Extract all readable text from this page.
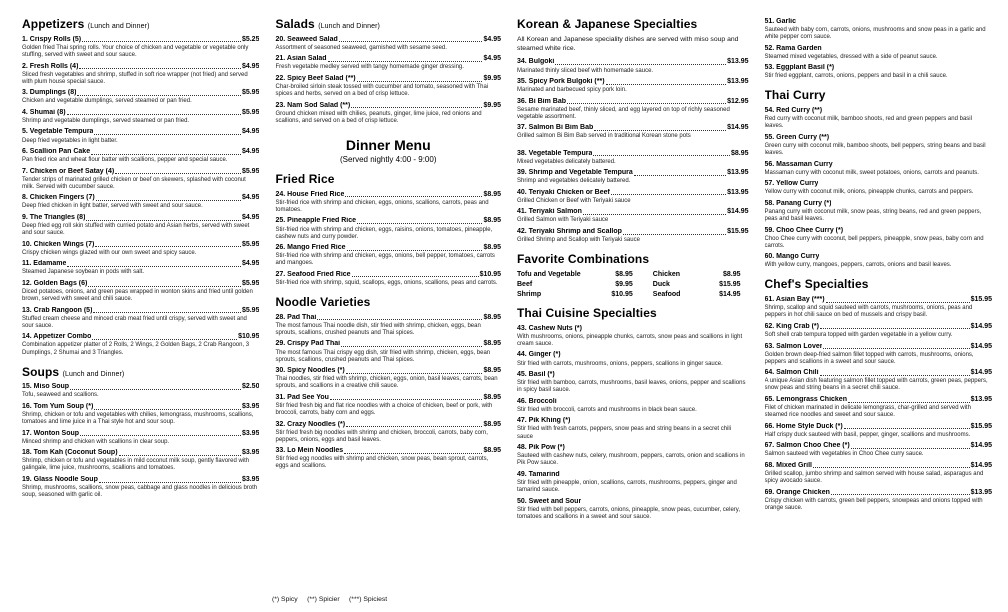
Appetizers (Lunch and Dinner)
1. Crispy Rolls (5)	$5.25
Golden fried Thai spring rolls. Your choice of chicken and vegetable or vegetable only stuffing, served with sweet and sour sauce.
2. Fresh Rolls (4)	$4.95
Sliced fresh vegetables and shrimp, stuffed in soft rice wrapper (not fried) and served with plum house special sauce.
3. Dumplings (8)	$5.95
Chicken and vegetable dumplings, served steamed or pan fried.
4. Shumai (8)	$5.95
Shrimp and vegetable dumplings, served steamed or pan fried.
5. Vegetable Tempura	$4.95
Deep fried vegetables in light batter.
6. Scallion Pan Cake	$4.95
Pan fried rice and wheat flour batter with scallions, pepper and special sauce.
7. Chicken or Beef Satay (4)	$5.95
Tender strips of marinated grilled chicken or beef on skewers, splashed with coconut milk. Served with cucumber sauce.
8. Chicken Fingers (7)	$4.95
Deep fried chicken in light batter, served with sweet and sour sauce.
9. The Triangles (8)	$4.95
Deep fried egg roll skin stuffed with curried potato and Asian herbs, served with sweet and sour sauce.
10. Chicken Wings (7)	$5.95
Crispy chicken wings glazed with our own sweet and spicy sauce.
11. Edamame	$4.95
Steamed Japanese soybean in pods with salt.
12. Golden Bags (6)	$5.95
Diced potatoes, onions, and green peas wrapped in wonton skins and fried until golden brown, served with sweet and chili sauce.
13. Crab Rangoon (5)	$5.95
Stuffed cream cheese and minced crab meat fried until crispy, served with sweet and sour sauce.
14. Appetizer Combo	$10.95
Combination appetizer platter of 2 Rolls, 2 Wings, 2 Golden Bags, 2 Crab Rangoon, 3 Dumplings, 2 Shumai and 3 Triangles.
Soups (Lunch and Dinner)
15. Miso Soup	$2.50
Tofu, seaweed and scallions.
16. Tom Yum Soup (*)	$3.95
Shrimp, chicken or tofu and vegetables with chilies, lemongrass, mushrooms, scallions, tomatoes and lime juice in a Thai style hot and sour soup.
17. Wonton Soup	$3.95
Minced shrimp and chicken with scallions in clear soup.
18. Tom Kah (Coconut Soup)	$3.95
Shrimp, chicken or tofu and vegetables in mild coconut milk soup, gently flavored with galingale, lime juice, mushrooms, scallions and tomatoes.
19. Glass Noodle Soup	$3.95
Shrimp, mushrooms, scallions, snow peas, cabbage and glass noodles in delicious broth soup, seasoned with garlic oil.
Salads (Lunch and Dinner)
20. Seaweed Salad	$4.95
Assortment of seasoned seaweed, garnished with sesame seed.
21. Asian Salad	$4.95
Fresh vegetable medley served with tangy homemade ginger dressing.
22. Spicy Beef Salad (**)	$9.95
Char-broiled sirloin steak tossed with cucumber and tomato, seasoned with Thai spices and herbs, served on a bed of crisp lettuce.
23. Nam Sod Salad (**)	$9.95
Ground chicken mixed with chilies, peanuts, ginger, lime juice, red onions and scallions, and served on a bed of crisp lettuce.
Dinner Menu
(Served nightly 4:00 - 9:00)
Fried Rice
24. House Fried Rice	$8.95
Stir-fried rice with shrimp and chicken, eggs, onions, scallions, carrots, peas and tomatoes.
25. Pineapple Fried Rice	$8.95
Stir-fried rice with shrimp and chicken, eggs, raisins, onions, tomatoes, pineapple, cashew nuts and curry powder.
26. Mango Fried Rice	$8.95
Stir-fried rice with shrimp and chicken, eggs, onions, bell pepper, tomatoes, carrots and mangoes.
27. Seafood Fried Rice	$10.95
Stir-fried rice with shrimp, squid, scallops, eggs, onions, scallions, peas and carrots.
Noodle Varieties
28. Pad Thai	$8.95
The most famous Thai noodle dish, stir fried with shrimp, chicken, eggs, bean sprouts, scallions, crushed peanuts and Thai spices.
29. Crispy Pad Thai	$8.95
The most famous Thai crispy egg dish, stir fried with shrimp, chicken, eggs, bean sprouts, scallions, crushed peanuts and Thai spices.
30. Spicy Noodles (*)	$8.95
Thai noodles, stir fried with shrimp, chicken, eggs, onion, basil leaves, carrots, bean sprouts, and scallions in a creative chili sauce.
31. Pad See You	$8.95
Stir fried fresh big and flat rice noodles with a choice of chicken, beef or pork, with broccoli, carrots, baby corn and eggs.
32. Crazy Noodles (*)	$8.95
Stir fried fresh big noodles with shrimp and chicken, broccoli, carrots, baby corn, peppers, onions, eggs and basil leaves.
33. Lo Mein Noodles	$8.95
Stir fried egg noodles with shrimp and chicken, snow peas, bean sprout, carrots, eggs and scallions.
Korean & Japanese Specialties
All Korean and Japanese speciality dishes are served with miso soup and steamed white rice.
34. Bulgoki	$13.95
Marinated thinly sliced beef with homemade sauce.
35. Spicy Pork Bulgoki (**)	$13.95
Marinated and barbecued spicy pork loin.
36. Bi Bim Bab	$12.95
Sesame marinated beef, thinly sliced, and egg layered on top of richly seasoned vegetable assortment.
37. Salmon Bi Bim Bab	$14.95
Grilled salmon Bi Bim Bab served in traditional Korean stone pots
38. Vegetable Tempura	$8.95
Mixed vegetables delicately battered.
39. Shrimp and Vegetable Tempura	$13.95
Shrimp and vegetables delicately battered.
40. Teriyaki Chicken or Beef	$13.95
Grilled Chicken or Beef with Teriyaki sauce
41. Teriyaki Salmon	$14.95
Grilled Salmon with Teriyaki sauce
42. Teriyaki Shrimp and Scallop	$15.95
Grilled Shrimp and Scallop with Teriyaki sauce
Favorite Combinations
Tofu and Vegetable	$8.95	Chicken	$8.95
Beef	$9.95	Duck	$15.95
Shrimp	$10.95	Seafood	$14.95
Thai Cuisine Specialties
43. Cashew Nuts (*)
With mushrooms, onions, pineapple chunks, carrots, snow peas and scallions in light cream sauce.
44. Ginger (*)
Stir fried with carrots, mushrooms, onions, peppers, scallions in ginger sauce.
45. Basil (*)
Stir fried with bamboo, carrots, mushrooms, basil leaves, onions, pepper and scallions in spicy basil sauce.
46. Broccoli
Stir fried with broccoli, carrots and mushrooms in black bean sauce.
47. Pik Khing (*)
Stir fried with fresh carrots, peppers, snow peas and string beans in a secret chili sauce
48. Pik Pow (*)
Sauteed with cashew nuts, celery, mushroom, peppers, carrots, onion and scallions in Pik Pow sauce.
49. Tamarind
Stir fried with pineapple, onion, scallions, carrots, mushrooms, peppers, ginger and tamarind sauce.
50. Sweet and Sour
Stir fried with bell peppers, carrots, onions, pineapple, snow peas, cucumber, celery, tomatoes and scallions in a sweet and sour sauce.
51. Garlic
Sauteed with baby corn, carrots, onions, mushrooms and snow peas in a garlic and white pepper corn sauce.
52. Rama Garden
Steamed mixed vegetables, dressed with a side of peanut sauce.
53. Eggplant Basil (*)
Stir fried eggplant, carrots, onions, peppers and basil in a chili sauce.
Thai Curry
54. Red Curry (**)
Red curry with coconut milk, bamboo shoots, red and green peppers and basil leaves.
55. Green Curry (**)
Green curry with coconut milk, bamboo shoots, bell peppers, string beans and basil leaves.
56. Massaman Curry
Massaman curry with coconut milk, sweet potatoes, onions, carrots and peanuts.
57. Yellow Curry
Yellow curry with coconut milk, onions, pineapple chunks, carrots and peppers.
58. Panang Curry (*)
Panang curry with coconut milk, snow peas, string beans, red and green peppers, peas and basil leaves.
59. Choo Chee Curry (*)
Choo Chee curry with coconut, bell peppers, pineapple, snow peas, baby corn and carrots.
60. Mango Curry
With yellow curry, mangoes, peppers, carrots, onions and basil leaves.
Chef's Specialties
61. Asian Bay (***)	$15.95
Shrimp, scallop and squid sauteed with carrots, mushrooms, onions, peas and peppers in hot chili sauce on bed of mussels and crispy basil.
62. King Crab (*)	$14.95
Soft shell crab tempura topped with garden vegetable in a yellow curry.
63. Salmon Lover	$14.95
Golden brown deep-fried salmon fillet topped with carrots, mushrooms, onions, peppers and scallions in a sweet and sour sauce.
64. Salmon Chili	$14.95
A unique Asian dish featuring salmon fillet topped with carrots, green peas, peppers, snow peas and string beans in a secret chili sauce.
65. Lemongrass Chicken	$13.95
Filet of chicken marinated in delicate lemongrass, char-grilled and served with steamed rice noodles and sweet and sour sauce.
66. Home Style Duck (*)	$15.95
Half crispy duck sauteed with basil, pepper, ginger, scallions and mushrooms.
67. Salmon Choo Chee (*)	$14.95
Salmon sauteed with vegetables in Choo Chee curry sauce.
68. Mixed Grill	$14.95
Grilled scallop, jumbo shrimp and salmon served with house salad, asparagus and spicy avocado sauce.
69. Orange Chicken	$13.95
Crispy chicken with carrots, green bell peppers, snowpeas and onions topped with orange sauce.
(*) Spicy     (**) Spicier     (***) Spiciest
